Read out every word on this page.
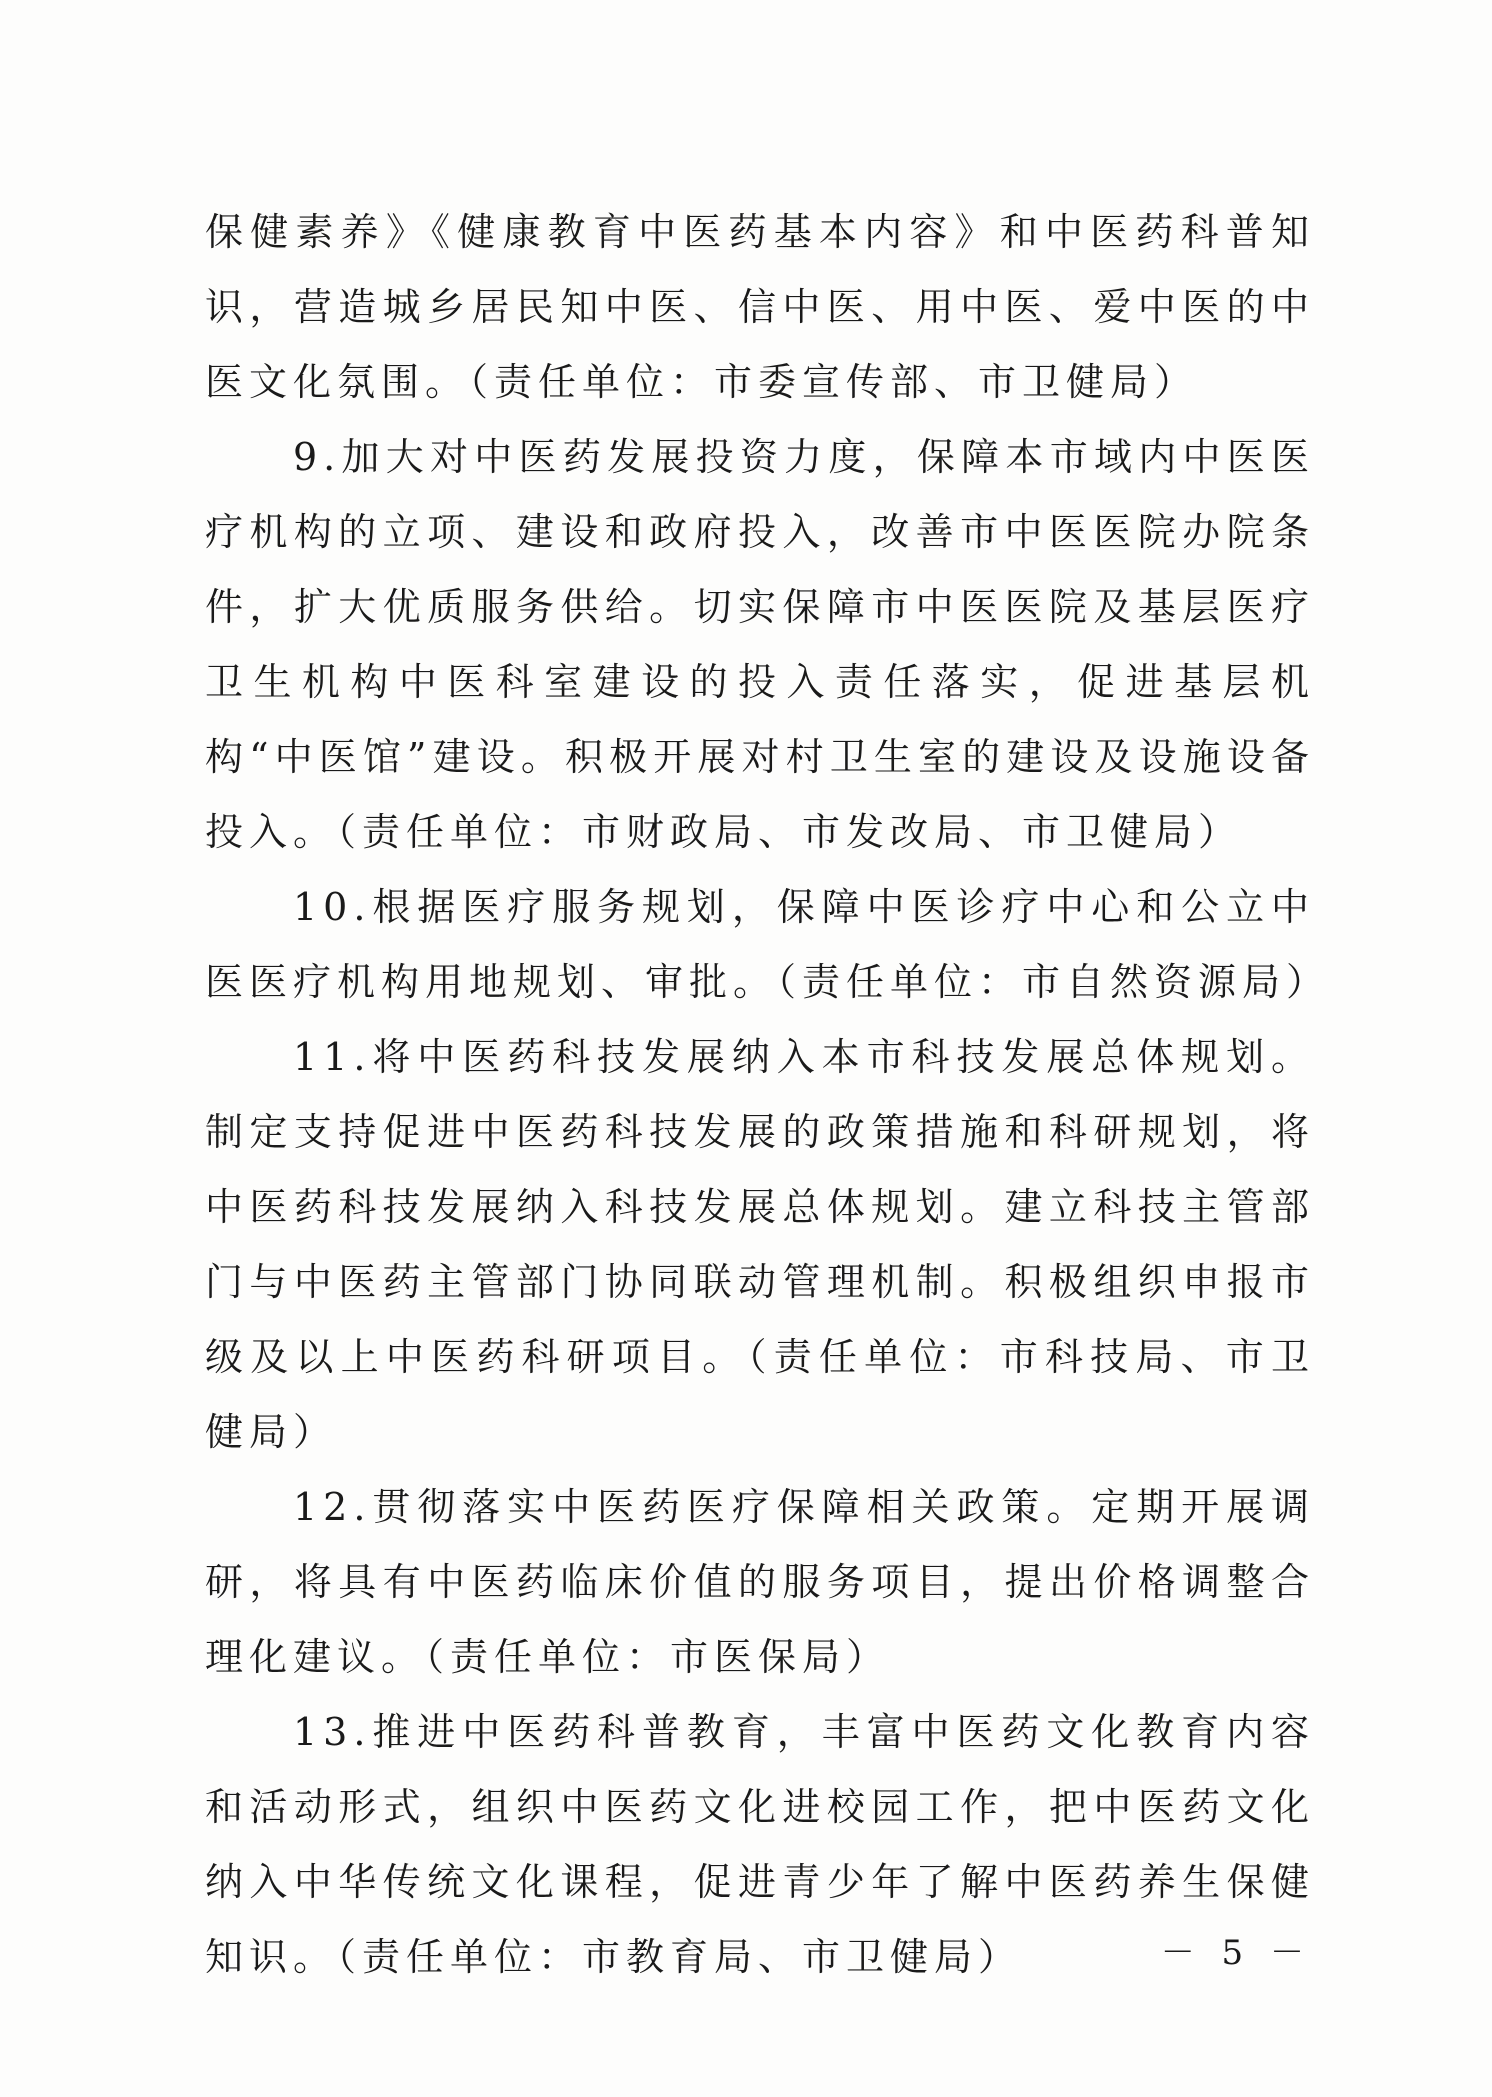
保健素养》《健康教育中医药基本内容》和中医药科普知识，营造城乡居民知中医、信中医、用中医、爱中医的中医文化氛围。（责任单位：市委宣传部、市卫健局）

9.加大对中医药发展投资力度，保障本市域内中医医疗机构的立项、建设和政府投入，改善市中医医院办院条件，扩大优质服务供给。切实保障市中医医院及基层医疗卫生机构中医科室建设的投入责任落实，促进基层机构“中医馆”建设。积极开展对村卫生室的建设及设施设备投入。（责任单位：市财政局、市发改局、市卫健局）

10.根据医疗服务规划，保障中医诊疗中心和公立中医医疗机构用地规划、审批。（责任单位：市自然资源局）

11.将中医药科技发展纳入本市科技发展总体规划。制定支持促进中医药科技发展的政策措施和科研规划，将中医药科技发展纳入科技发展总体规划。建立科技主管部门与中医药主管部门协同联动管理机制。积极组织申报市级及以上中医药科研项目。（责任单位：市科技局、市卫健局）

12.贯彻落实中医药医疗保障相关政策。定期开展调研，将具有中医药临床价值的服务项目，提出价格调整合理化建议。（责任单位：市医保局）

13.推进中医药科普教育，丰富中医药文化教育内容和活动形式，组织中医药文化进校园工作，把中医药文化纳入中华传统文化课程，促进青少年了解中医药养生保健知识。（责任单位：市教育局、市卫健局）	－ 5 －
